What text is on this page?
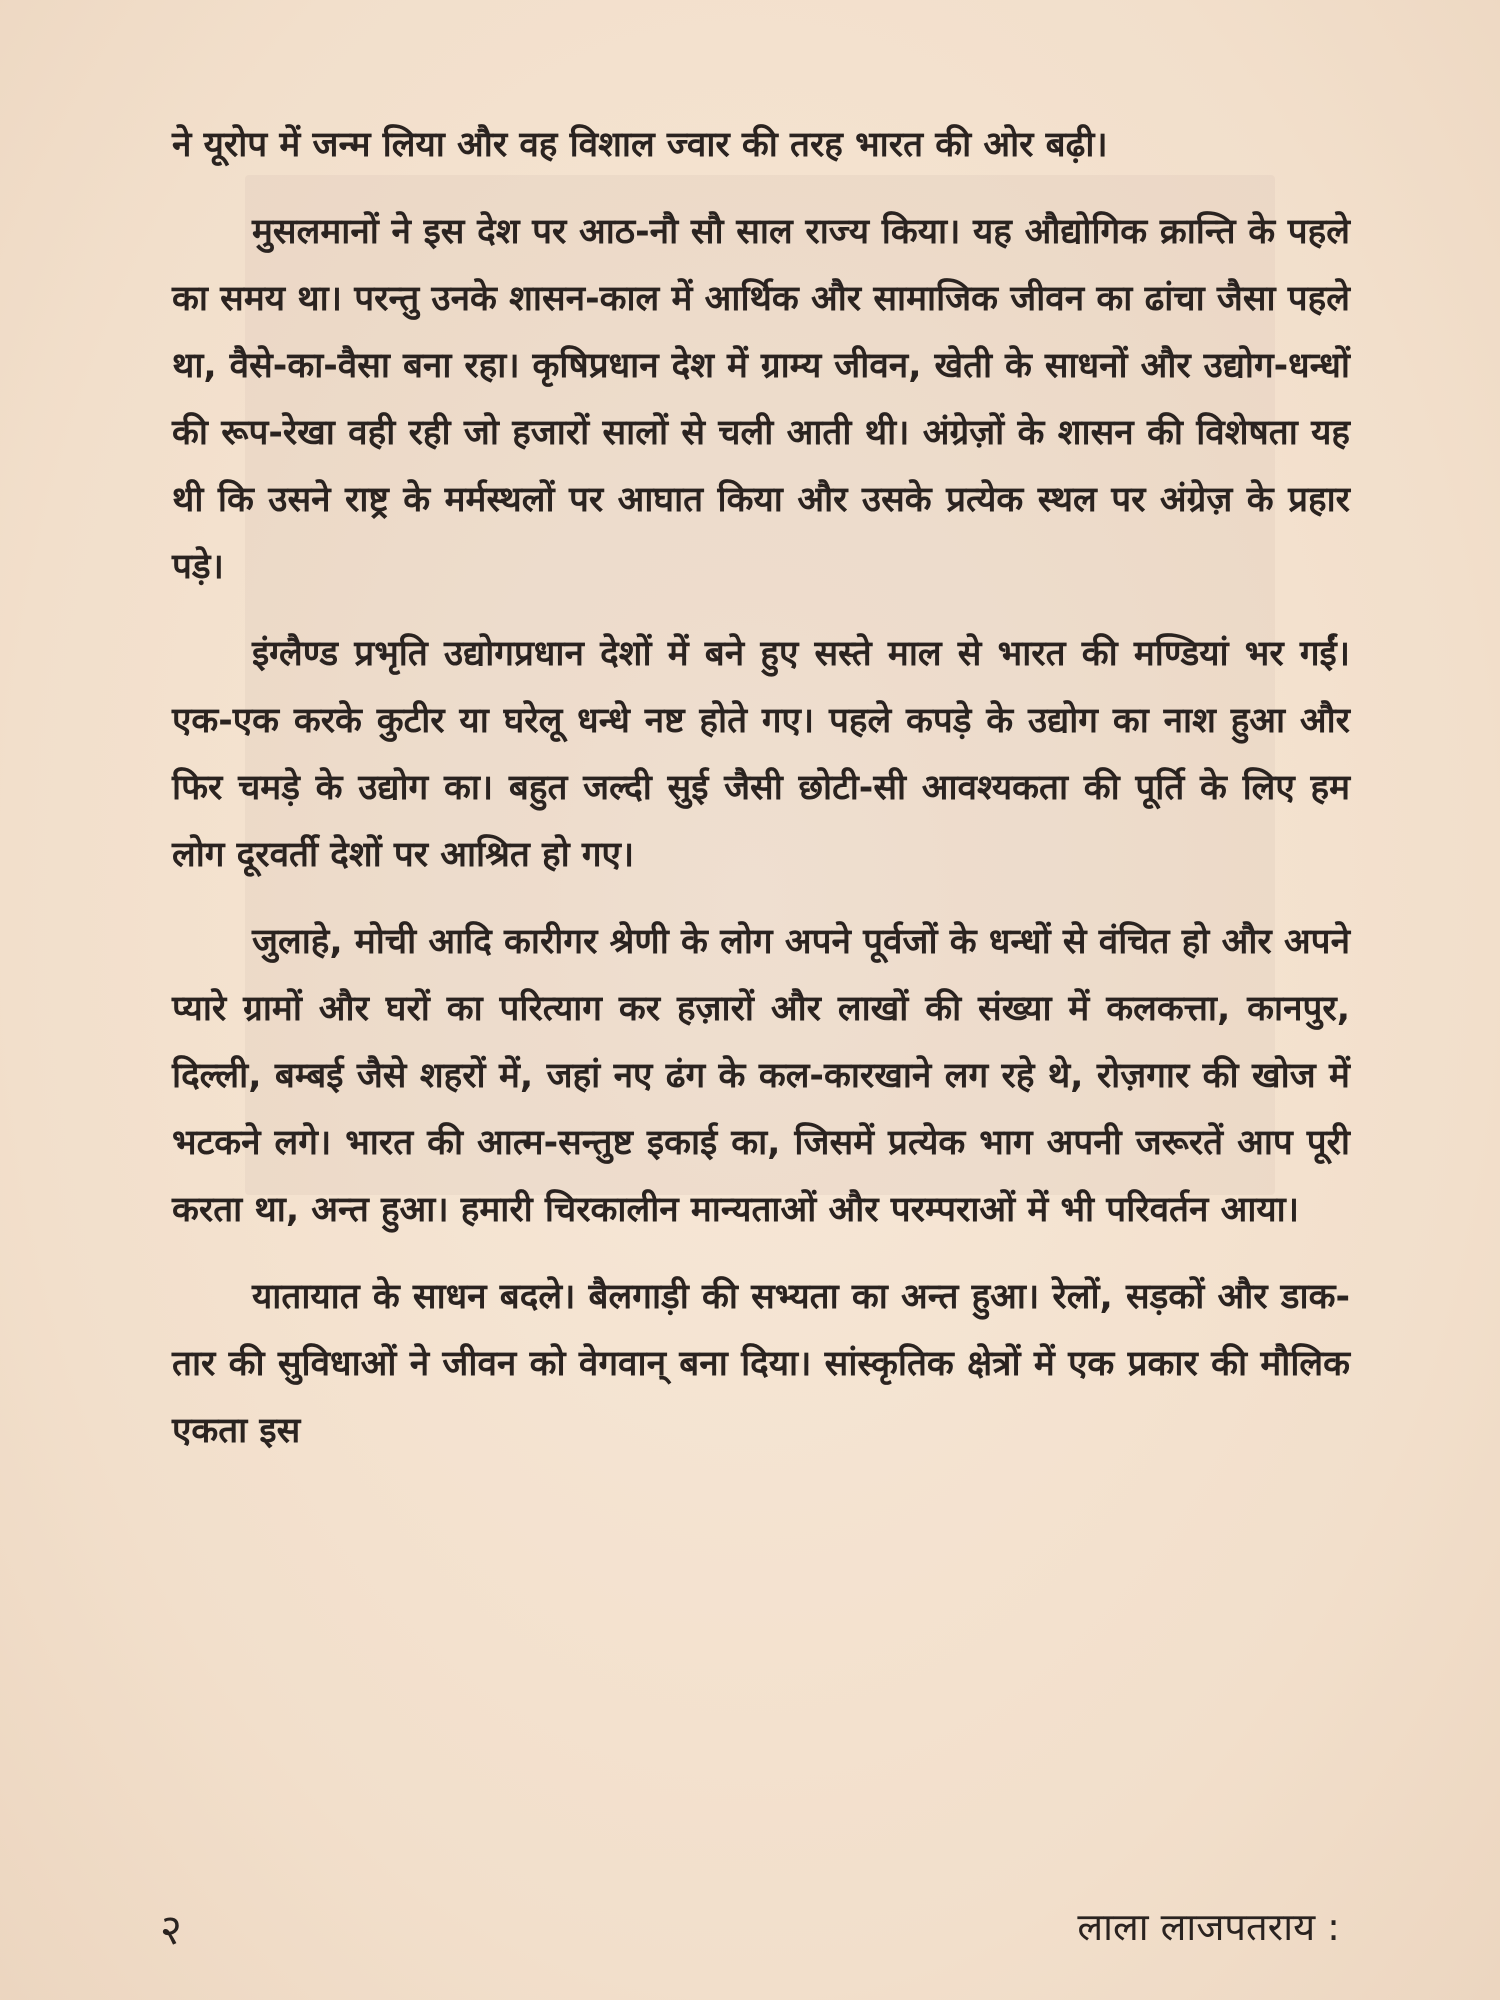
ने यूरोप में जन्म लिया और वह विशाल ज्वार की तरह भारत की ओर बढ़ी।

मुसलमानों ने इस देश पर आठ-नौ सौ साल राज्य किया। यह औद्योगिक क्रान्ति के पहले का समय था। परन्तु उनके शासन-काल में आर्थिक और सामाजिक जीवन का ढांचा जैसा पहले था, वैसे-का-वैसा बना रहा। कृषिप्रधान देश में ग्राम्य जीवन, खेती के साधनों और उद्योग-धन्धों की रूप-रेखा वही रही जो हजारों सालों से चली आती थी। अंग्रेज़ों के शासन की विशेषता यह थी कि उसने राष्ट्र के मर्मस्थलों पर आघात किया और उसके प्रत्येक स्थल पर अंग्रेज़ के प्रहार पड़े।

इंग्लैण्ड प्रभृति उद्योगप्रधान देशों में बने हुए सस्ते माल से भारत की मण्डियां भर गईं। एक-एक करके कुटीर या घरेलू धन्धे नष्ट होते गए। पहले कपड़े के उद्योग का नाश हुआ और फिर चमड़े के उद्योग का। बहुत जल्दी सुई जैसी छोटी-सी आवश्यकता की पूर्ति के लिए हम लोग दूरवर्ती देशों पर आश्रित हो गए।

जुलाहे, मोची आदि कारीगर श्रेणी के लोग अपने पूर्वजों के धन्धों से वंचित हो और अपने प्यारे ग्रामों और घरों का परित्याग कर हज़ारों और लाखों की संख्या में कलकत्ता, कानपुर, दिल्ली, बम्बई जैसे शहरों में, जहां नए ढंग के कल-कारखाने लग रहे थे, रोज़गार की खोज में भटकने लगे। भारत की आत्म-सन्तुष्ट इकाई का, जिसमें प्रत्येक भाग अपनी जरूरतें आप पूरी करता था, अन्त हुआ। हमारी चिरकालीन मान्यताओं और परम्पराओं में भी परिवर्तन आया।

यातायात के साधन बदले। बैलगाड़ी की सभ्यता का अन्त हुआ। रेलों, सड़कों और डाक-तार की सुविधाओं ने जीवन को वेगवान् बना दिया। सांस्कृतिक क्षेत्रों में एक प्रकार की मौलिक एकता इस

२	लाला लाजपतराय :
